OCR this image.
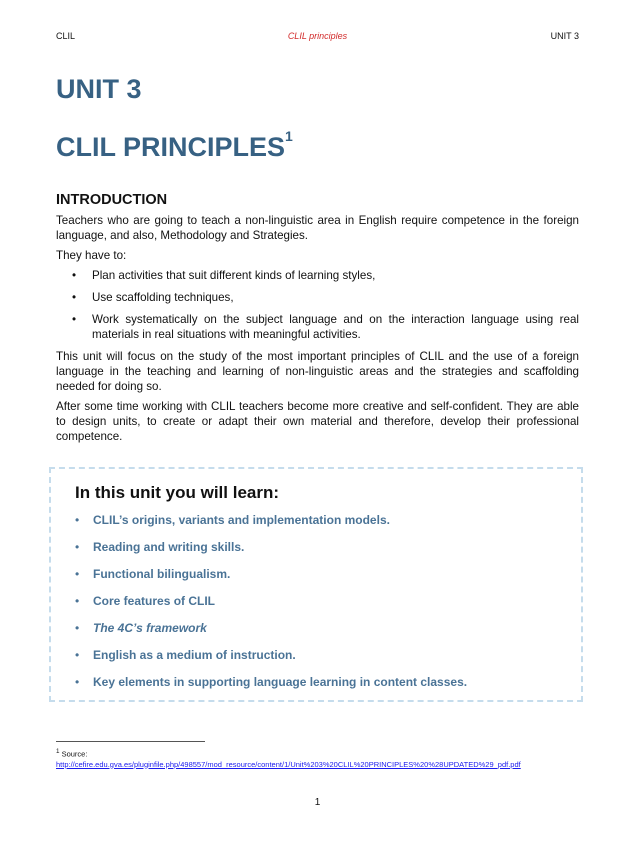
CLIL	CLIL principles	UNIT 3
UNIT 3
CLIL PRINCIPLES$^1$
INTRODUCTION

Teachers who are going to teach a non-linguistic area in English require competence in the foreign language, and also, Methodology and Strategies.

They have to:

• Plan activities that suit different kinds of learning styles,
• Use scaffolding techniques,
• Work systematically on the subject language and on the interaction language using real materials in real situations with meaningful activities.

This unit will focus on the study of the most important principles of CLIL and the use of a foreign language in the teaching and learning of non-linguistic areas and the strategies and scaffolding needed for doing so.

After some time working with CLIL teachers become more creative and self-confident. They are able to design units, to create or adapt their own material and therefore, develop their professional competence.

In this unit you will learn:
• CLIL’s origins, variants and implementation models.
• Reading and writing skills.
• Functional bilingualism.
• Core features of CLIL
• The 4C’s framework
• English as a medium of instruction.
• Key elements in supporting language learning in content classes.
$^1$ Source:
http://cefire.edu.gva.es/pluginfile.php/498557/mod_resource/content/1/Unit%203%20CLIL%20PRINCIPLES%20%28UPDATED%29_pdf.pdf
1
